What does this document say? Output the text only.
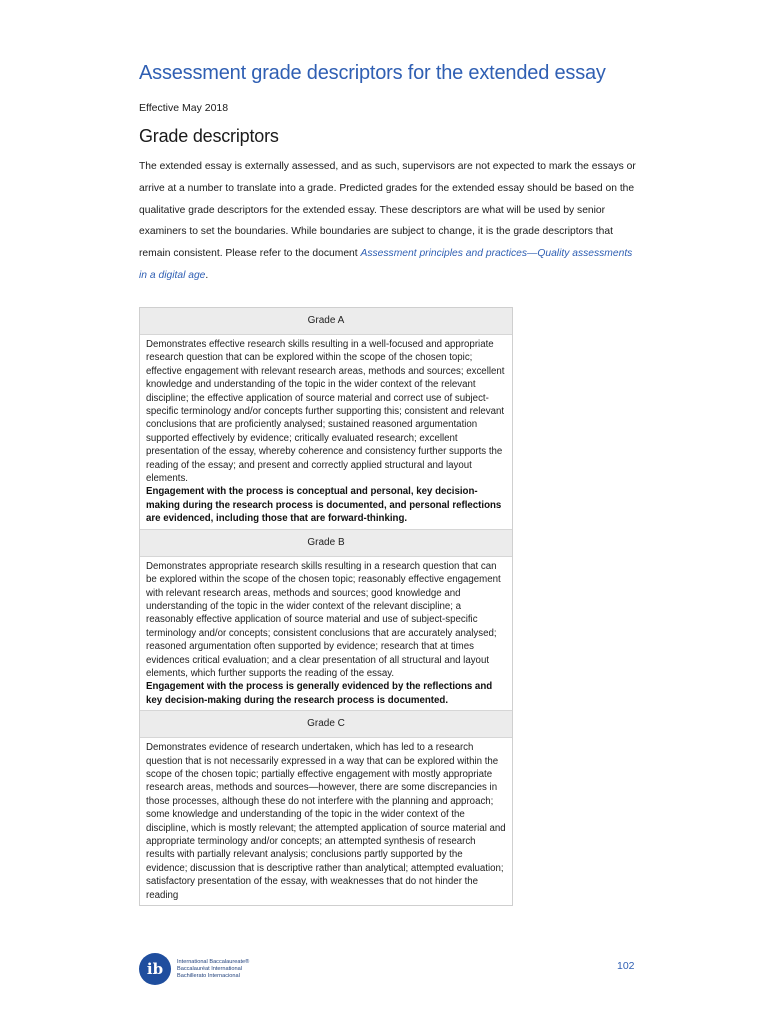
Assessment grade descriptors for the extended essay
Effective May 2018
Grade descriptors
The extended essay is externally assessed, and as such, supervisors are not expected to mark the essays or arrive at a number to translate into a grade. Predicted grades for the extended essay should be based on the qualitative grade descriptors for the extended essay. These descriptors are what will be used by senior examiners to set the boundaries. While boundaries are subject to change, it is the grade descriptors that remain consistent. Please refer to the document Assessment principles and practices—Quality assessments in a digital age.
Grade A

Demonstrates effective research skills resulting in a well-focused and appropriate research question that can be explored within the scope of the chosen topic; effective engagement with relevant research areas, methods and sources; excellent knowledge and understanding of the topic in the wider context of the relevant discipline; the effective application of source material and correct use of subject-specific terminology and/or concepts further supporting this; consistent and relevant conclusions that are proficiently analysed; sustained reasoned argumentation supported effectively by evidence; critically evaluated research; excellent presentation of the essay, whereby coherence and consistency further supports the reading of the essay; and present and correctly applied structural and layout elements.

Engagement with the process is conceptual and personal, key decision-making during the research process is documented, and personal reflections are evidenced, including those that are forward-thinking.

Grade B

Demonstrates appropriate research skills resulting in a research question that can be explored within the scope of the chosen topic; reasonably effective engagement with relevant research areas, methods and sources; good knowledge and understanding of the topic in the wider context of the relevant discipline; a reasonably effective application of source material and use of subject-specific terminology and/or concepts; consistent conclusions that are accurately analysed; reasoned argumentation often supported by evidence; research that at times evidences critical evaluation; and a clear presentation of all structural and layout elements, which further supports the reading of the essay.

Engagement with the process is generally evidenced by the reflections and key decision-making during the research process is documented.

Grade C

Demonstrates evidence of research undertaken, which has led to a research question that is not necessarily expressed in a way that can be explored within the scope of the chosen topic; partially effective engagement with mostly appropriate research areas, methods and sources—however, there are some discrepancies in those processes, although these do not interfere with the planning and approach; some knowledge and understanding of the topic in the wider context of the discipline, which is mostly relevant; the attempted application of source material and appropriate terminology and/or concepts; an attempted synthesis of research results with partially relevant analysis; conclusions partly supported by the evidence; discussion that is descriptive rather than analytical; attempted evaluation; satisfactory presentation of the essay, with weaknesses that do not hinder the reading

ib	International Baccalaureate®
Baccalauréat International
Bachillerato Internacional
102
